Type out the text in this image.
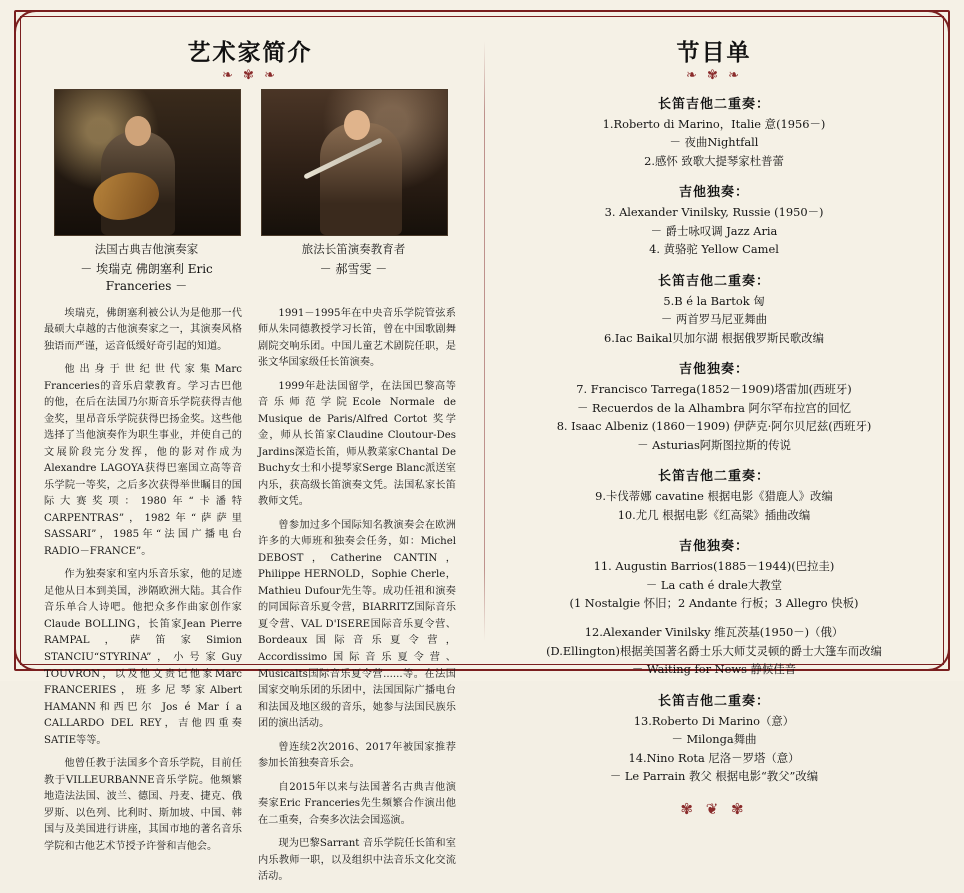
艺术家简介
❧ ✾ ❧
法国古典吉他演奏家
－ 埃瑞克 佛朗塞利 Eric Franceries －
旅法长笛演奏教育者
－ 郝雪雯 －

埃瑞克，佛朗塞利被公认为是他那一代最硕大卓越的古他演奏家之一，其演奏风格独语而严谨，运音低缓好奇引起的知道。

他出身于世纪世代家集Marc Franceries的音乐启蒙教育。学习古巴他的他，在后在法国乃尔斯音乐学院获得吉他金奖，里昂音乐学院获得巴扬金奖。这些他选择了当他演奏作为职生事业，并使自己的文展阶段完分发挥，他的影对作成为Alexandre LAGOYA获得巴塞国立高等音乐学院一等奖，之后多次获得举世瞩目的国际大赛奖项：1980年“卡潘特CARPENTRAS”，1982年“萨萨里SASSARI”，1985年“法国广播电台RADIO－FRANCE”。

作为独奏家和室内乐音乐家，他的足迹足他从日本到美国，涉隔欧洲大陆。其合作音乐单合人诗吧。他把众多作曲家创作家Claude BOLLING，长笛家Jean Pierre RAMPAL，萨笛家Simion STANCIU“STYRINA”，小号家Guy TOUVRON，以及他文贵记他家Marc FRANCERIES，班多尼琴家Albert HAMANN和西巴尔 Jos é Mar í a CALLARDO DEL REY，吉他四重奏SATIE等等。

他曾任教于法国多个音乐学院，目前任教于VILLEURBANNE音乐学院。他频繁地造法法国、波兰、德国、丹麦、捷克、俄罗斯、以色列、比利时、斯加坡、中国、韩国与及美国进行讲座，其国市地的著名音乐学院和古他艺术节授予许誉和吉他会。

1991－1995年在中央音乐学院管弦系师从朱同德教授学习长笛，曾在中国歌剧舞剧院交响乐团。中国儿童艺术剧院任职，是张文华国家级任长笛演奏。

1999年赴法国留学，在法国巴黎高等音乐师范学院Ecole Normale de Musique de Paris/Alfred Cortot 奖学金，师从长笛家Claudine Cloutour-Des Jardins深造长笛，师从教菜家Chantal De Buchy女士和小提琴家Serge Blanc派送室内乐，获高级长笛演奏文凭。法国私家长笛教师文凭。

曾参加过多个国际知名教演奏会在欧洲许多的大师班和独奏会任务，如：Michel DEBOST，Catherine CANTIN，Philippe HERNOLD，Sophie Cherle，Mathieu Dufour先生等。成功任祖和演奏的同国际音乐夏令营，BIARRITZ国际音乐夏令营、VAL D'ISERE国际音乐夏令营、Bordeaux国际音乐夏令营，Accordissimo国际音乐夏令营、Musicalts国际音乐夏令营......等。在法国国家交响乐团的乐团中，法国国际广播电台和法国及地区级的音乐，她参与法国民族乐团的演出活动。

曾连续2次2016、2017年被国家推荐参加长笛独奏音乐会。

自2015年以来与法国著名古典吉他演奏家Eric Franceries先生频繁合作演出他在二重奏，合奏多次法会国巡演。

现为巴黎Sarrant 音乐学院任长笛和室内乐教师一职，以及组织中法音乐文化交流活动。

节目单
❧ ✾ ❧
长笛吉他二重奏：
1.Roberto di Marino，Italie 意(1956－)
－ 夜曲Nightfall
2.感怀 致歌大提琴家杜普蕾
吉他独奏：
3. Alexander Vinilsky, Russie (1950－)
－ 爵士咏叹调 Jazz Aria
4. 黄骆驼 Yellow Camel
长笛吉他二重奏：
5.B é la Bartok 匈
－ 两首罗马尼亚舞曲
6.Iac Baikal贝加尔湖 根据俄罗斯民歌改编
吉他独奏：
7. Francisco Tarrega(1852－1909)塔雷加(西班牙)
－ Recuerdos de la Alhambra 阿尔罕布拉宫的回忆
8. Isaac Albeniz (1860－1909) 伊萨克·阿尔贝尼兹(西班牙)
－ Asturias阿斯图拉斯的传说
长笛吉他二重奏：
9.卡伐蒂娜 cavatine 根据电影《猎鹿人》改编
10.尤几 根据电影《红高粱》插曲改编
吉他独奏：
11. Augustin Barrios(1885－1944)(巴拉圭)
－ La cath é drale大教堂
(1 Nostalgie 怀旧；2 Andante 行板；3 Allegro 快板)
12.Alexander Vinilsky 维瓦茨基(1950－)（俄）
(D.Ellington)根据美国著名爵士乐大师艾灵顿的爵士大篷车而改编
－ Waiting for News 静候佳音
长笛吉他二重奏：
13.Roberto Di Marino（意）
－ Milonga舞曲
14.Nino Rota 尼洛－罗塔（意）
－ Le Parrain 教父 根据电影“教父”改编
✾ ❦ ✾
